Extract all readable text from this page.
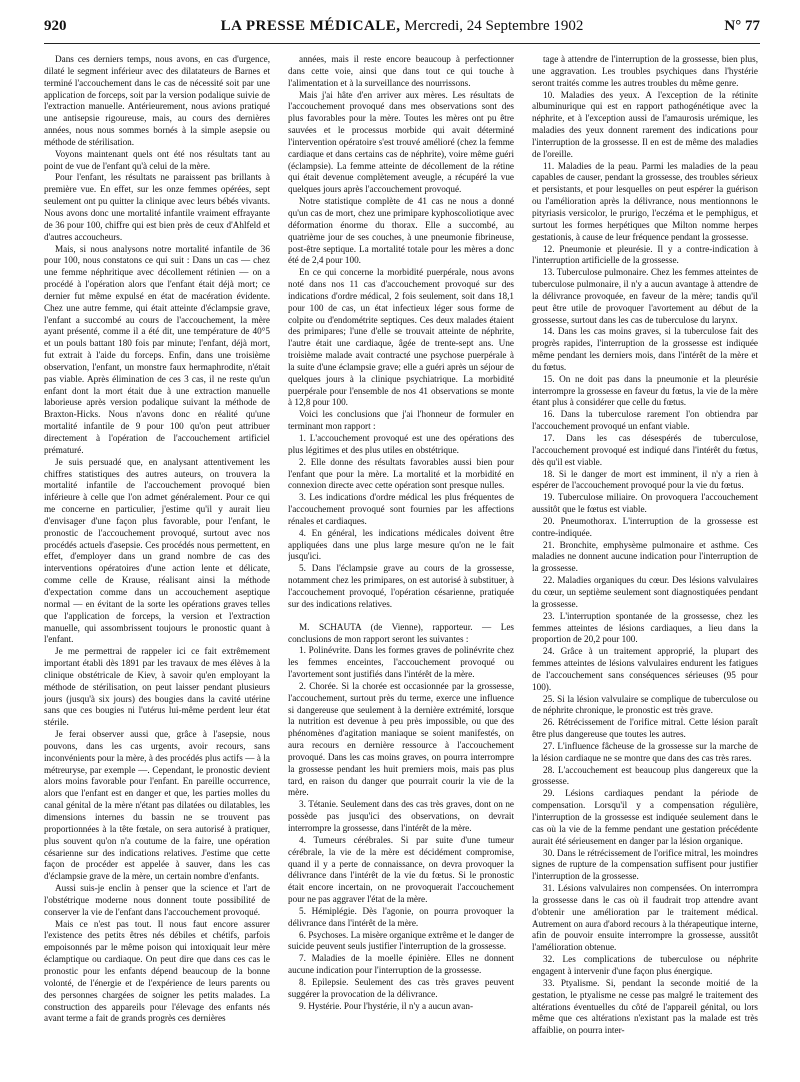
920	LA PRESSE MÉDICALE, Mercredi, 24 Septembre 1902	N° 77

Dans ces derniers temps, nous avons, en cas d'urgence, dilaté le segment inférieur avec des dilatateurs de Barnes et terminé l'accouchement dans le cas de nécessité soit par une application de forceps, soit par la version podalique suivie de l'extraction manuelle. Antérieurement, nous avions pratiqué une antisepsie rigoureuse, mais, au cours des dernières années, nous nous sommes bornés à la simple asepsie ou méthode de stérilisation.

Voyons maintenant quels ont été nos résultats tant au point de vue de l'enfant qu'à celui de la mère.

Pour l'enfant, les résultats ne paraissent pas brillants à première vue. En effet, sur les onze femmes opérées, sept seulement ont pu quitter la clinique avec leurs bébés vivants. Nous avons donc une mortalité infantile vraiment effrayante de 36 pour 100, chiffre qui est bien près de ceux d'Ahlfeld et d'autres accoucheurs.

Mais, si nous analysons notre mortalité infantile de 36 pour 100, nous constatons ce qui suit : Dans un cas — chez une femme néphritique avec décollement rétinien — on a procédé à l'opération alors que l'enfant était déjà mort; ce dernier fut même expulsé en état de macération évidente. Chez une autre femme, qui était atteinte d'éclampsie grave, l'enfant a succombé au cours de l'accouchement, la mère ayant présenté, comme il a été dit, une température de 40°5 et un pouls battant 180 fois par minute; l'enfant, déjà mort, fut extrait à l'aide du forceps. Enfin, dans une troisième observation, l'enfant, un monstre faux hermaphrodite, n'était pas viable. Après élimination de ces 3 cas, il ne reste qu'un enfant dont la mort était due à une extraction manuelle laborieuse après version podalique suivant la méthode de Braxton-Hicks. Nous n'avons donc en réalité qu'une mortalité infantile de 9 pour 100 qu'on peut attribuer directement à l'opération de l'accouchement artificiel prématuré.

Je suis persuadé que, en analysant attentivement les chiffres statistiques des autres auteurs, on trouvera la mortalité infantile de l'accouchement provoqué bien inférieure à celle que l'on admet généralement. Pour ce qui me concerne en particulier, j'estime qu'il y aurait lieu d'envisager d'une façon plus favorable, pour l'enfant, le pronostic de l'accouchement provoqué, surtout avec nos procédés actuels d'asepsie. Ces procédés nous permettent, en effet, d'employer dans un grand nombre de cas des interventions opératoires d'une action lente et délicate, comme celle de Krause, réalisant ainsi la méthode d'expectation comme dans un accouchement aseptique normal — en évitant de la sorte les opérations graves telles que l'application de forceps, la version et l'extraction manuelle, qui assombrissent toujours le pronostic quant à l'enfant.

Je me permettrai de rappeler ici ce fait extrêmement important établi dès 1891 par les travaux de mes élèves à la clinique obstétricale de Kiev, à savoir qu'en employant la méthode de stérilisation, on peut laisser pendant plusieurs jours (jusqu'à six jours) des bougies dans la cavité utérine sans que ces bougies ni l'utérus lui-même perdent leur état stérile.

Je ferai observer aussi que, grâce à l'asepsie, nous pouvons, dans les cas urgents, avoir recours, sans inconvénients pour la mère, à des procédés plus actifs — à la métreuryse, par exemple —. Cependant, le pronostic devient alors moins favorable pour l'enfant. En pareille occurrence, alors que l'enfant est en danger et que, les parties molles du canal génital de la mère n'étant pas dilatées ou dilatables, les dimensions internes du bassin ne se trouvent pas proportionnées à la tête fœtale, on sera autorisé à pratiquer, plus souvent qu'on n'a coutume de la faire, une opération césarienne sur des indications relatives. J'estime que cette façon de procéder est appelée à sauver, dans les cas d'éclampsie grave de la mère, un certain nombre d'enfants.

Aussi suis-je enclin à penser que la science et l'art de l'obstétrique moderne nous donnent toute possibilité de conserver la vie de l'enfant dans l'accouchement provoqué.

Mais ce n'est pas tout. Il nous faut encore assurer l'existence des petits êtres nés débiles et chétifs, parfois empoisonnés par le même poison qui intoxiquait leur mère éclamptique ou cardiaque. On peut dire que dans ces cas le pronostic pour les enfants dépend beaucoup de la bonne volonté, de l'énergie et de l'expérience de leurs parents ou des personnes chargées de soigner les petits malades. La construction des appareils pour l'élevage des enfants nés avant terme a fait de grands progrès ces dernières

années, mais il reste encore beaucoup à perfectionner dans cette voie, ainsi que dans tout ce qui touche à l'alimentation et à la surveillance des nourrissons.

Mais j'ai hâte d'en arriver aux mères. Les résultats de l'accouchement provoqué dans mes observations sont des plus favorables pour la mère. Toutes les mères ont pu être sauvées et le processus morbide qui avait déterminé l'intervention opératoire s'est trouvé amélioré (chez la femme cardiaque et dans certains cas de néphrite), voire même guéri (éclampsie). La femme atteinte de décollement de la rétine qui était devenue complètement aveugle, a récupéré la vue quelques jours après l'accouchement provoqué.

Notre statistique complète de 41 cas ne nous a donné qu'un cas de mort, chez une primipare kyphoscoliotique avec déformation énorme du thorax. Elle a succombé, au quatrième jour de ses couches, à une pneumonie fibrineuse, post-être septique. La mortalité totale pour les mères a donc été de 2,4 pour 100.

En ce qui concerne la morbidité puerpérale, nous avons noté dans nos 11 cas d'accouchement provoqué sur des indications d'ordre médical, 2 fois seulement, soit dans 18,1 pour 100 de cas, un état infectieux léger sous forme de colpite ou d'endométrite septiques. Ces deux malades étaient des primipares; l'une d'elle se trouvait atteinte de néphrite, l'autre était une cardiaque, âgée de trente-sept ans. Une troisième malade avait contracté une psychose puerpérale à la suite d'une éclampsie grave; elle a guéri après un séjour de quelques jours à la clinique psychiatrique. La morbidité puerpérale pour l'ensemble de nos 41 observations se monte à 12,8 pour 100.

Voici les conclusions que j'ai l'honneur de formuler en terminant mon rapport :

1. L'accouchement provoqué est une des opérations des plus légitimes et des plus utiles en obstétrique.

2. Elle donne des résultats favorables aussi bien pour l'enfant que pour la mère. La mortalité et la morbidité en connexion directe avec cette opération sont presque nulles.

3. Les indications d'ordre médical les plus fréquentes de l'accouchement provoqué sont fournies par les affections rénales et cardiaques.

4. En général, les indications médicales doivent être appliquées dans une plus large mesure qu'on ne le fait jusqu'ici.

5. Dans l'éclampsie grave au cours de la grossesse, notamment chez les primipares, on est autorisé à substituer, à l'accouchement provoqué, l'opération césarienne, pratiquée sur des indications relatives.

M. SCHAUTA (de Vienne), rapporteur. — Les conclusions de mon rapport seront les suivantes :

1. Polinévrite. Dans les formes graves de polinévrite chez les femmes enceintes, l'accouchement provoqué ou l'avortement sont justifiés dans l'intérêt de la mère.

2. Chorée. Si la chorée est occasionnée par la grossesse, l'accouchement, surtout près du terme, exerce une influence si dangereuse que seulement à la dernière extrémité, lorsque la nutrition est devenue à peu près impossible, ou que des phénomènes d'agitation maniaque se soient manifestés, on aura recours en dernière ressource à l'accouchement provoqué. Dans les cas moins graves, on pourra interrompre la grossesse pendant les huit premiers mois, mais pas plus tard, en raison du danger que pourrait courir la vie de la mère.

3. Tétanie. Seulement dans des cas très graves, dont on ne possède pas jusqu'ici des observations, on devrait interrompre la grossesse, dans l'intérêt de la mère.

4. Tumeurs cérébrales. Si par suite d'une tumeur cérébrale, la vie de la mère est décidément compromise, quand il y a perte de connaissance, on devra provoquer la délivrance dans l'intérêt de la vie du fœtus. Si le pronostic était encore incertain, on ne provoquerait l'accouchement pour ne pas aggraver l'état de la mère.

5. Hémiplégie. Dès l'agonie, on pourra provoquer la délivrance dans l'intérêt de la mère.

6. Psychoses. La misère organique extrême et le danger de suicide peuvent seuls justifier l'interruption de la grossesse.

7. Maladies de la moelle épinière. Elles ne donnent aucune indication pour l'interruption de la grossesse.

8. Epilepsie. Seulement des cas très graves peuvent suggérer la provocation de la délivrance.

9. Hystérie. Pour l'hystérie, il n'y a aucun avan-

tage à attendre de l'interruption de la grossesse, bien plus, une aggravation. Les troubles psychiques dans l'hystérie seront traités comme les autres troubles du même genre.

10. Maladies des yeux. A l'exception de la rétinite albuminurique qui est en rapport pathogénétique avec la néphrite, et à l'exception aussi de l'amaurosis urémique, les maladies des yeux donnent rarement des indications pour l'interruption de la grossesse. Il en est de même des maladies de l'oreille.

11. Maladies de la peau. Parmi les maladies de la peau capables de causer, pendant la grossesse, des troubles sérieux et persistants, et pour lesquelles on peut espérer la guérison ou l'amélioration après la délivrance, nous mentionnons le pityriasis versicolor, le prurigo, l'eczéma et le pemphigus, et surtout les formes herpétiques que Milton nomme herpes gestationis, à cause de leur fréquence pendant la grossesse.

12. Pneumonie et pleurésie. Il y a contre-indication à l'interruption artificielle de la grossesse.

13. Tuberculose pulmonaire. Chez les femmes atteintes de tuberculose pulmonaire, il n'y a aucun avantage à attendre de la délivrance provoquée, en faveur de la mère; tandis qu'il peut être utile de provoquer l'avortement au début de la grossesse, surtout dans les cas de tuberculose du larynx.

14. Dans les cas moins graves, si la tuberculose fait des progrès rapides, l'interruption de la grossesse est indiquée même pendant les derniers mois, dans l'intérêt de la mère et du fœtus.

15. On ne doit pas dans la pneumonie et la pleurésie interrompre la grossesse en faveur du fœtus, la vie de la mère étant plus à considérer que celle du fœtus.

16. Dans la tuberculose rarement l'on obtiendra par l'accouchement provoqué un enfant viable.

17. Dans les cas désespérés de tuberculose, l'accouchement provoqué est indiqué dans l'intérêt du fœtus, dès qu'il est viable.

18. Si le danger de mort est imminent, il n'y a rien à espérer de l'accouchement provoqué pour la vie du fœtus.

19. Tuberculose miliaire. On provoquera l'accouchement aussitôt que le fœtus est viable.

20. Pneumothorax. L'interruption de la grossesse est contre-indiquée.

21. Bronchite, emphysème pulmonaire et asthme. Ces maladies ne donnent aucune indication pour l'interruption de la grossesse.

22. Maladies organiques du cœur. Des lésions valvulaires du cœur, un septième seulement sont diagnostiquées pendant la grossesse.

23. L'interruption spontanée de la grossesse, chez les femmes atteintes de lésions cardiaques, a lieu dans la proportion de 20,2 pour 100.

24. Grâce à un traitement approprié, la plupart des femmes atteintes de lésions valvulaires endurent les fatigues de l'accouchement sans conséquences sérieuses (95 pour 100).

25. Si la lésion valvulaire se complique de tuberculose ou de néphrite chronique, le pronostic est très grave.

26. Rétrécissement de l'orifice mitral. Cette lésion paraît être plus dangereuse que toutes les autres.

27. L'influence fâcheuse de la grossesse sur la marche de la lésion cardiaque ne se montre que dans des cas très rares.

28. L'accouchement est beaucoup plus dangereux que la grossesse.

29. Lésions cardiaques pendant la période de compensation. Lorsqu'il y a compensation régulière, l'interruption de la grossesse est indiquée seulement dans le cas où la vie de la femme pendant une gestation précédente aurait été sérieusement en danger par la lésion organique.

30. Dans le rétrécissement de l'orifice mitral, les moindres signes de rupture de la compensation suffisent pour justifier l'interruption de la grossesse.

31. Lésions valvulaires non compensées. On interrompra la grossesse dans le cas où il faudrait trop attendre avant d'obtenir une amélioration par le traitement médical. Autrement on aura d'abord recours à la thérapeutique interne, afin de pouvoir ensuite interrompre la grossesse, aussitôt l'amélioration obtenue.

32. Les complications de tuberculose ou néphrite engagent à intervenir d'une façon plus énergique.

33. Ptyalisme. Si, pendant la seconde moitié de la gestation, le ptyalisme ne cesse pas malgré le traitement des altérations éventuelles du côté de l'appareil génital, ou lors même que ces altérations n'existant pas la malade est très affaiblie, on pourra inter-
